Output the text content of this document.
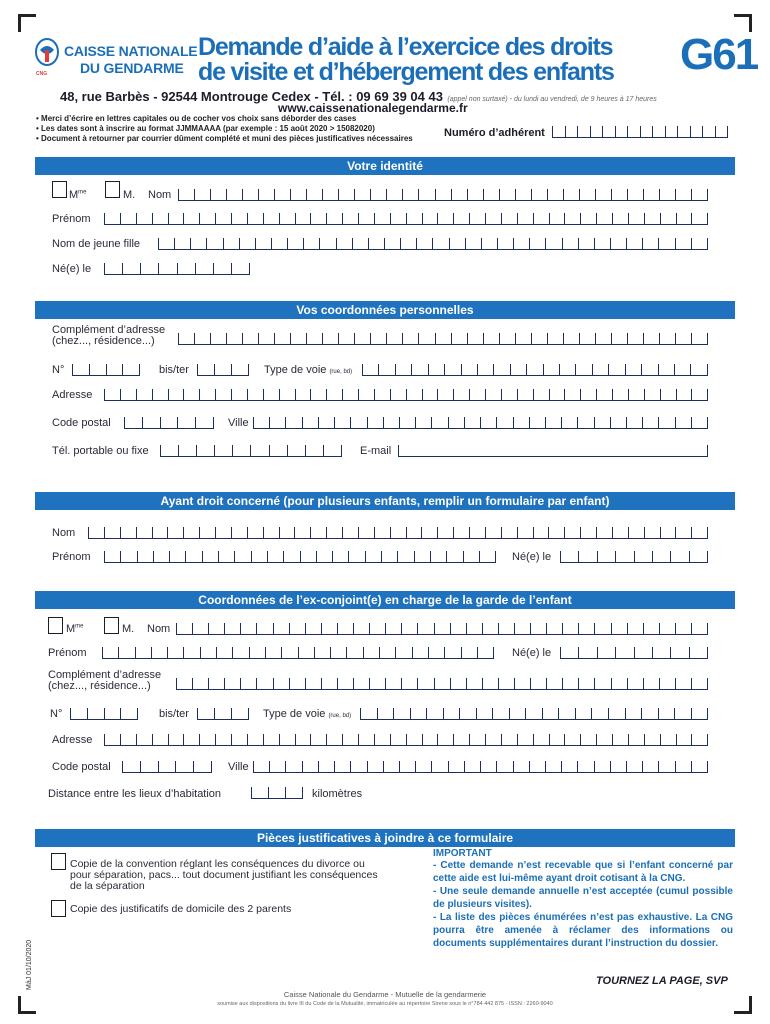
CNG
CAISSE NATIONALE
DU GENDARME
Demande d’aide à l’exercice des droits
de visite et d’hébergement des enfants G61
48, rue Barbès - 92544 Montrouge Cedex - Tél. : 09 69 39 04 43 (appel non surtaxé) - du lundi au vendredi, de 9 heures à 17 heures
www.caissenationalegendarme.fr
• Merci d’écrire en lettres capitales ou de cocher vos choix sans déborder des cases
• Les dates sont à inscrire au format JJMMAAAA (par exemple : 15 août 2020 > 15082020)
• Document à retourner par courrier dûment complété et muni des pièces justificatives nécessaires	Numéro d’adhérent
Votre identité
$M^{me}$	M. Nom
Prénom
Nom de jeune fille
Né(e) le
Vos coordonnées personnelles
Complément d’adresse
(chez..., résidence...)
N°	bis/ter	Type de voie (rue, bd)
Adresse
Code postal	Ville
Tél. portable ou fixe	E-mail
Ayant droit concerné (pour plusieurs enfants, remplir un formulaire par enfant)
Nom
Prénom	Né(e) le
Coordonnées de l’ex-conjoint(e) en charge de la garde de l’enfant
$M^{me}$	M. Nom
Prénom	Né(e) le
Complément d’adresse
(chez..., résidence...)
N°	bis/ter	Type de voie (rue, bd)
Adresse
Code postal	Ville
Distance entre les lieux d’habitation	kilomètres
Pièces justificatives à joindre à ce formulaire
Copie de la convention réglant les conséquences du divorce ou
pour séparation, pacs... tout document justifiant les conséquences
de la séparation
Copie des justificatifs de domicile des 2 parents
IMPORTANT
- Cette demande n’est recevable que si l’enfant concerné par cette aide est lui-même ayant droit cotisant à la CNG.
- Une seule demande annuelle n’est acceptée (cumul possible de plusieurs visites).
- La liste des pièces énumérées n’est pas exhaustive. La CNG pourra être amenée à réclamer des informations ou documents supplémentaires durant l’instruction du dossier.
MàJ 01/10/2020	TOURNEZ LA PAGE, SVP
Caisse Nationale du Gendarme - Mutuelle de la gendarmerie
soumise aux dispositions du livre III du Code de la Mutualité, immatriculée au répertoire Sirene sous le n°784 442 875 - ISSN : 2260-9040
